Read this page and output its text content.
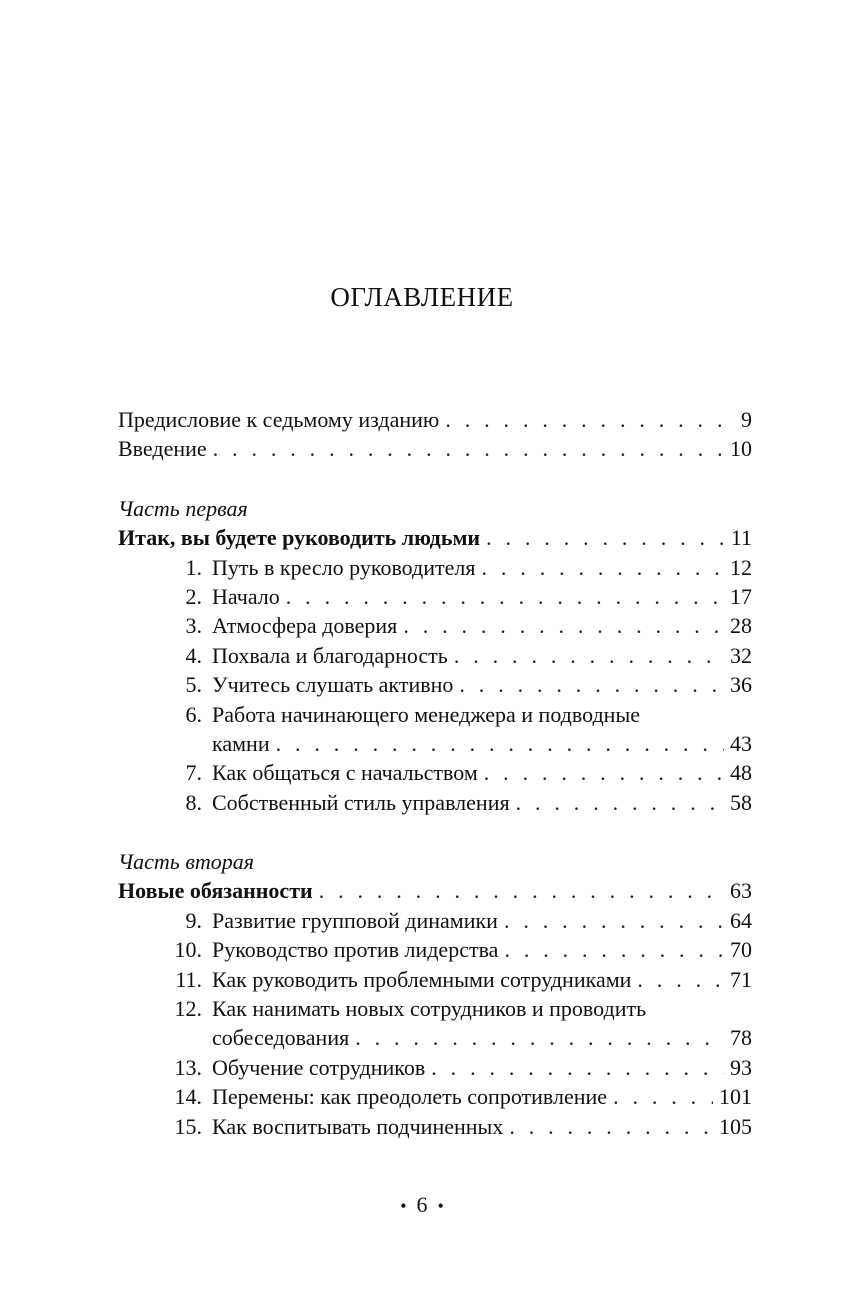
ОГЛАВЛЕНИЕ
Предисловие к седьмому изданию . . .	9
Введение . . .	10
Часть первая
Итак, вы будете руководить людьми . . .	11
1. Путь в кресло руководителя . . .	12
2. Начало . . .	17
3. Атмосфера доверия . . .	28
4. Похвала и благодарность . . .	32
5. Учитесь слушать активно . . .	36
6. Работа начинающего менеджера и подводные
камни . . .	43
7. Как общаться с начальством . . .	48
8. Собственный стиль управления . . .	58
Часть вторая
Новые обязанности . . .	63
9. Развитие групповой динамики . . .	64
10. Руководство против лидерства . . .	70
11. Как руководить проблемными сотрудниками . . .	71
12. Как нанимать новых сотрудников и проводить
собеседования . . .	78
13. Обучение сотрудников . . .	93
14. Перемены: как преодолеть сопротивление . . .	101
15. Как воспитывать подчиненных . . .	105
• 6 •
